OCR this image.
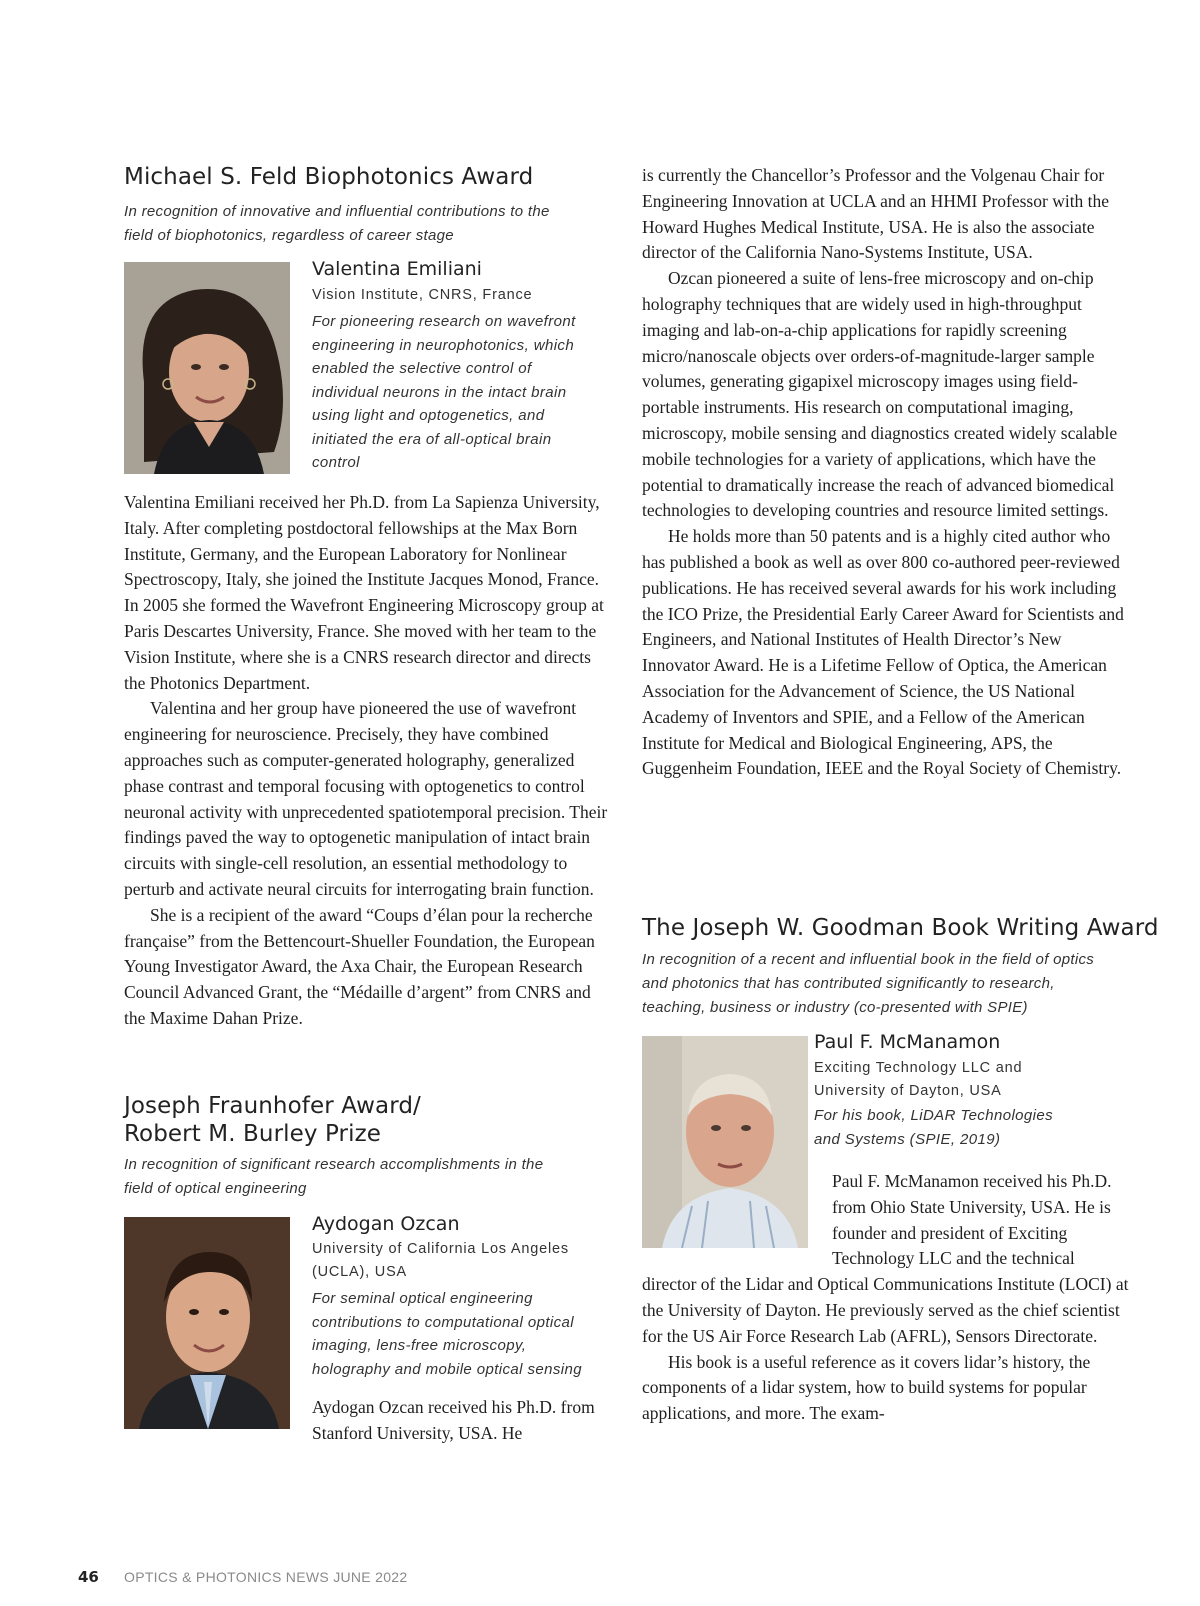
Michael S. Feld Biophotonics Award

In recognition of innovative and influential contributions to the field of biophotonics, regardless of career stage

Valentina Emiliani
Vision Institute, CNRS, France

For pioneering research on wavefront engineering in neurophotonics, which enabled the selective control of individual neurons in the intact brain using light and optogenetics, and initiated the era of all-optical brain control

Valentina Emiliani received her Ph.D. from La Sapienza University, Italy. After completing postdoctoral fellowships at the Max Born Institute, Germany, and the European Laboratory for Nonlinear Spectroscopy, Italy, she joined the Institute Jacques Monod, France. In 2005 she formed the Wavefront Engineering Microscopy group at Paris Descartes University, France. She moved with her team to the Vision Institute, where she is a CNRS research director and directs the Photonics Department.

Valentina and her group have pioneered the use of wavefront engineering for neuroscience. Precisely, they have combined approaches such as computer-generated holography, generalized phase contrast and temporal focusing with optogenetics to control neuronal activity with unprecedented spatiotemporal precision. Their findings paved the way to optogenetic manipulation of intact brain circuits with single-cell resolution, an essential methodology to perturb and activate neural circuits for interrogating brain function.

She is a recipient of the award “Coups d’élan pour la recherche française” from the Bettencourt-Shueller Foundation, the European Young Investigator Award, the Axa Chair, the European Research Council Advanced Grant, the “Médaille d’argent” from CNRS and the Maxime Dahan Prize.

Joseph Fraunhofer Award/
Robert M. Burley Prize

In recognition of significant research accomplishments in the field of optical engineering

Aydogan Ozcan
University of California Los Angeles (UCLA), USA

For seminal optical engineering contributions to computational optical imaging, lens-free microscopy, holography and mobile optical sensing

Aydogan Ozcan received his Ph.D. from Stanford University, USA. He

is currently the Chancellor’s Professor and the Volgenau Chair for Engineering Innovation at UCLA and an HHMI Professor with the Howard Hughes Medical Institute, USA. He is also the associate director of the California Nano-Systems Institute, USA.

Ozcan pioneered a suite of lens-free microscopy and on-chip holography techniques that are widely used in high-throughput imaging and lab-on-a-chip applications for rapidly screening micro/nanoscale objects over orders-of-magnitude-larger sample volumes, generating gigapixel microscopy images using field-portable instruments. His research on computational imaging, microscopy, mobile sensing and diagnostics created widely scalable mobile technologies for a variety of applications, which have the potential to dramatically increase the reach of advanced biomedical technologies to developing countries and resource limited settings.

He holds more than 50 patents and is a highly cited author who has published a book as well as over 800 co-authored peer-reviewed publications. He has received several awards for his work including the ICO Prize, the Presidential Early Career Award for Scientists and Engineers, and National Institutes of Health Director’s New Innovator Award. He is a Lifetime Fellow of Optica, the American Association for the Advancement of Science, the US National Academy of Inventors and SPIE, and a Fellow of the American Institute for Medical and Biological Engineering, APS, the Guggenheim Foundation, IEEE and the Royal Society of Chemistry.

The Joseph W. Goodman Book Writing Award

In recognition of a recent and influential book in the field of optics and photonics that has contributed significantly to research, teaching, business or industry (co-presented with SPIE)

Paul F. McManamon
Exciting Technology LLC and University of Dayton, USA

For his book, LiDAR Technologies and Systems (SPIE, 2019)

Paul F. McManamon received his Ph.D. from Ohio State University, USA. He is founder and president of Exciting Technology LLC and the technical director of the Lidar and Optical Communications Institute (LOCI) at the University of Dayton. He previously served as the chief scientist for the US Air Force Research Lab (AFRL), Sensors Directorate.

His book is a useful reference as it covers lidar’s history, the components of a lidar system, how to build systems for popular applications, and more. The exam-

46 OPTICS & PHOTONICS NEWS JUNE 2022
